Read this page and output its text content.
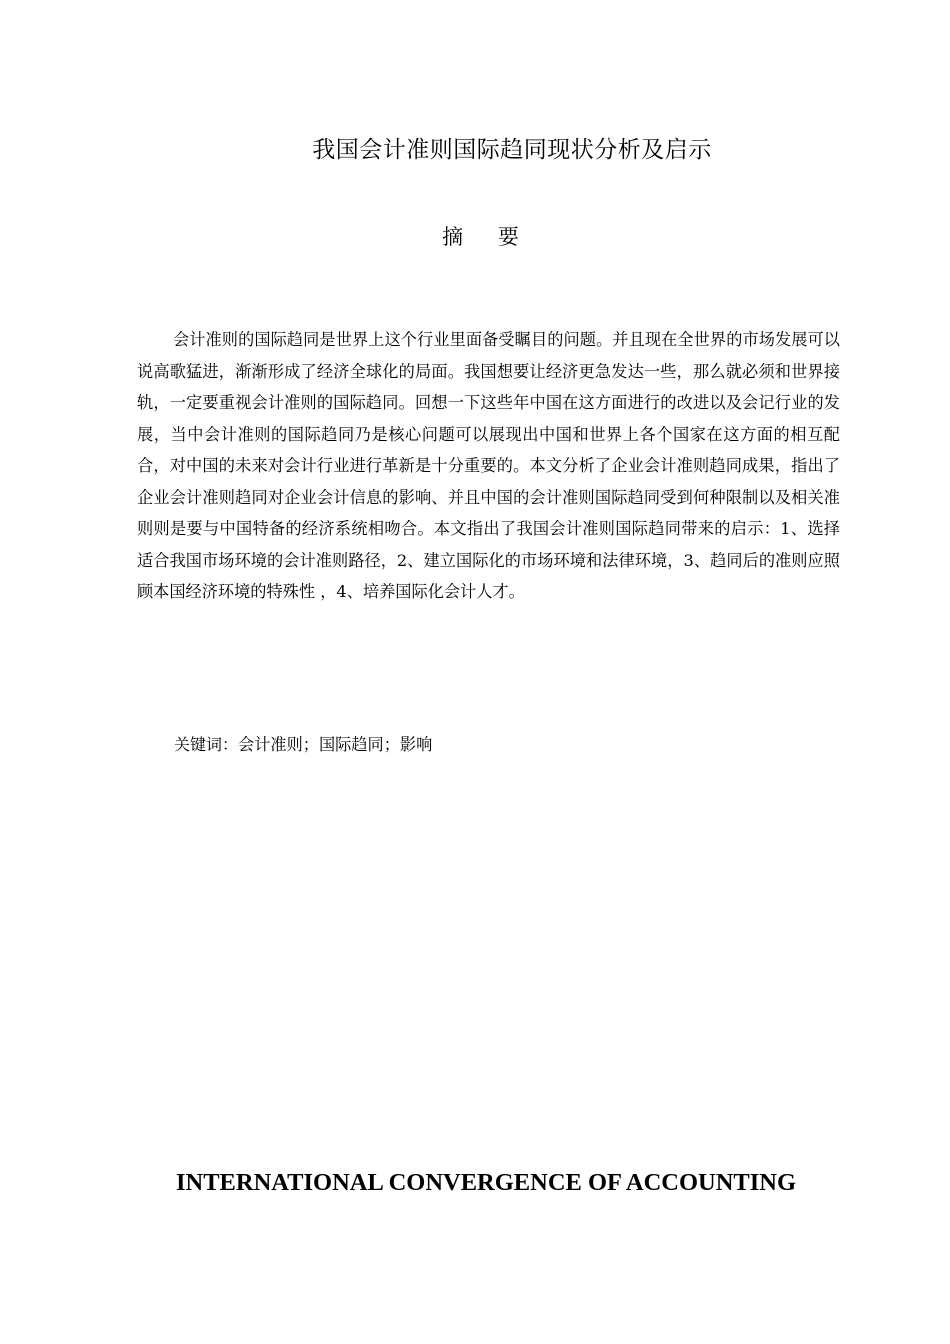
我国会计准则国际趋同现状分析及启示
摘 要

会计准则的国际趋同是世界上这个行业里面备受瞩目的问题。并且现在全世界的市场发展可以说高歌猛进，渐渐形成了经济全球化的局面。我国想要让经济更急发达一些，那么就必须和世界接轨，一定要重视会计准则的国际趋同。回想一下这些年中国在这方面进行的改进以及会记行业的发展，当中会计准则的国际趋同乃是核心问题可以展现出中国和世界上各个国家在这方面的相互配合，对中国的未来对会计行业进行革新是十分重要的。本文分析了企业会计准则趋同成果，指出了企业会计准则趋同对企业会计信息的影响、并且中国的会计准则国际趋同受到何种限制以及相关准则则是要与中国特备的经济系统相吻合。本文指出了我国会计准则国际趋同带来的启示：1、选择适合我国市场环境的会计准则路径，2、建立国际化的市场环境和法律环境，3、趋同后的准则应照顾本国经济环境的特殊性 ，4、培养国际化会计人才。

关键词：会计准则；国际趋同；影响
INTERNATIONAL CONVERGENCE OF ACCOUNTING
